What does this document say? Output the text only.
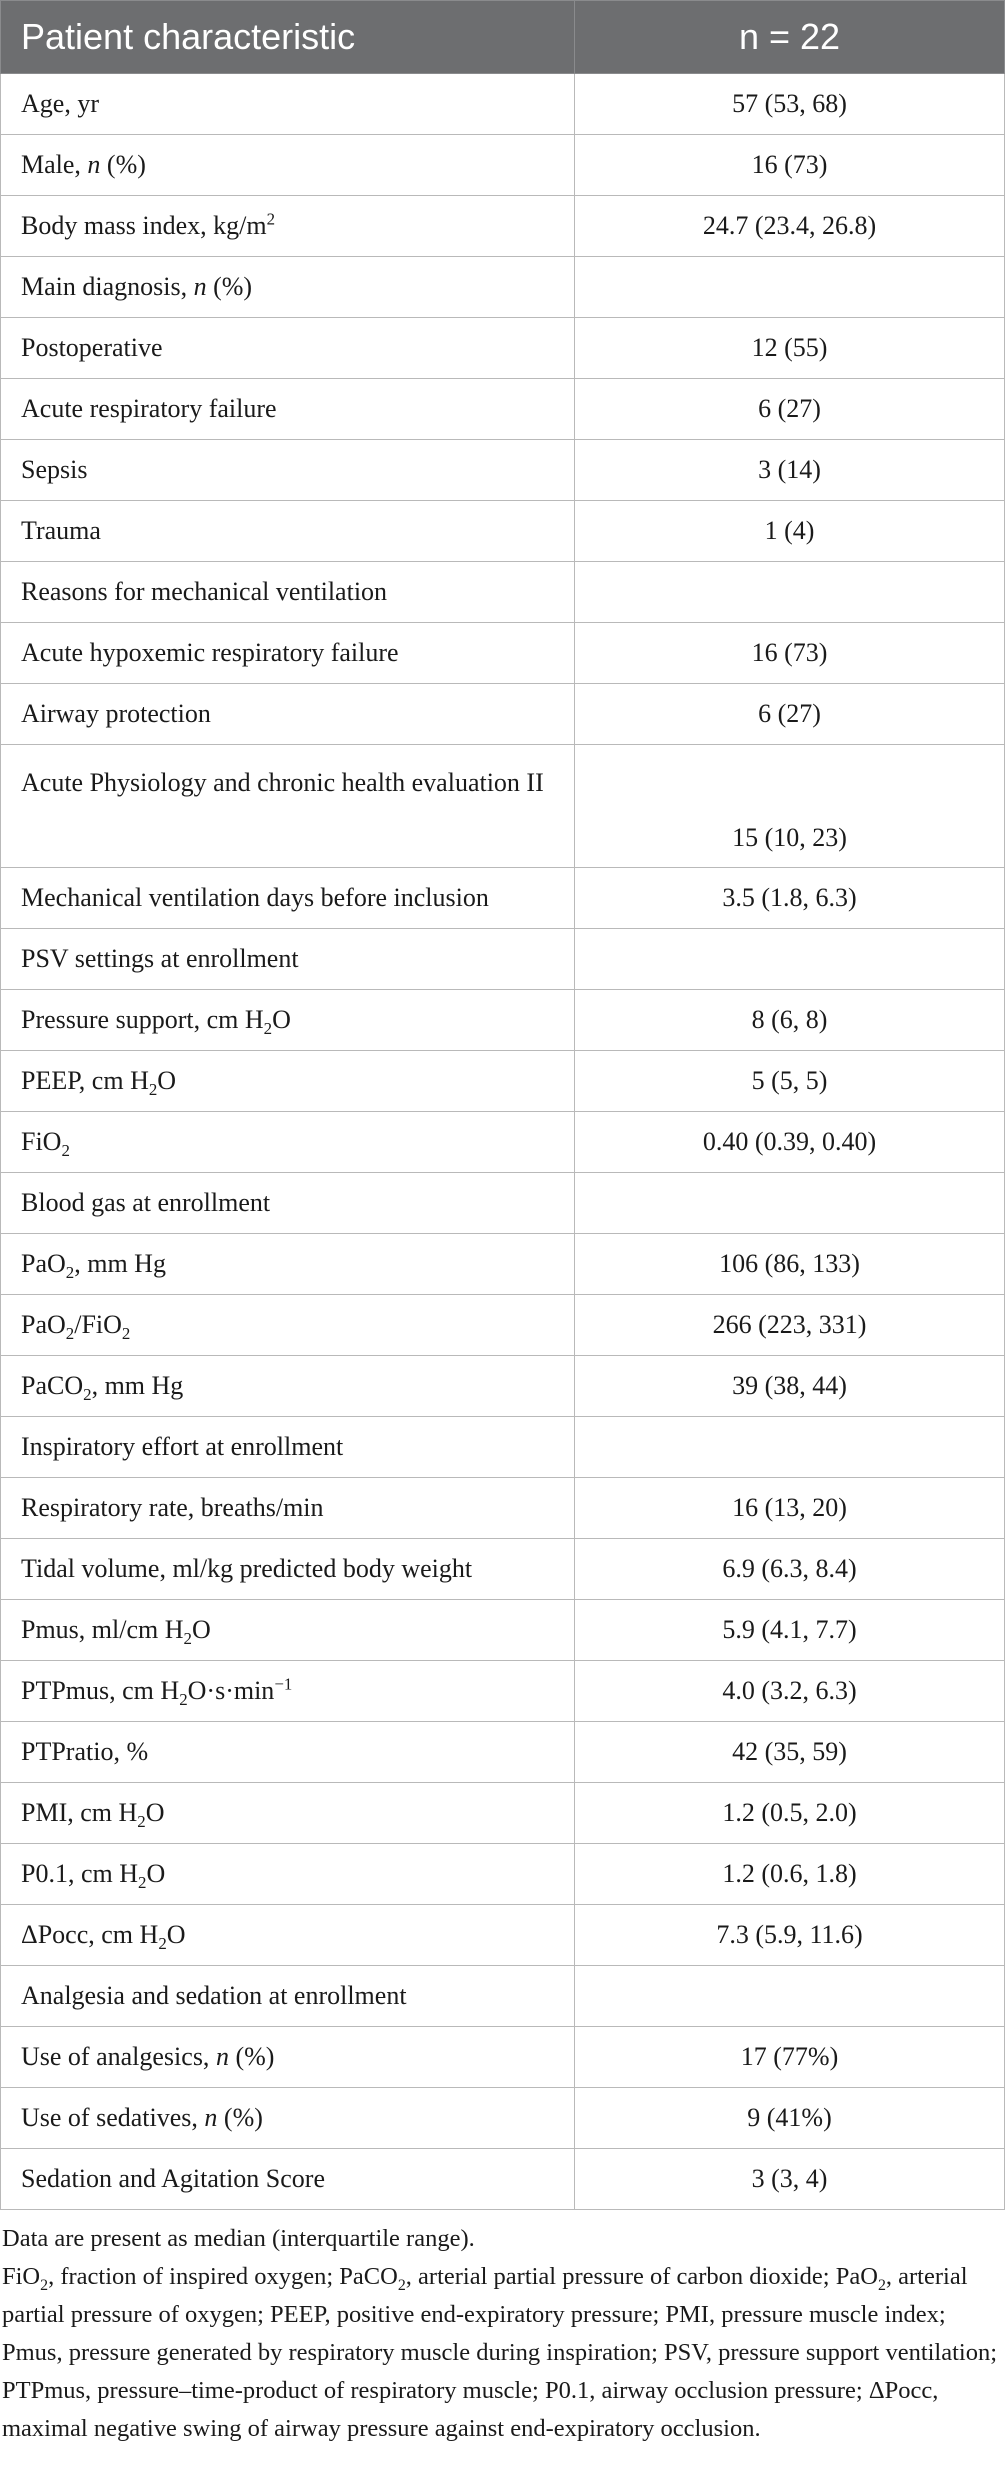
Patient characteristic	n = 22
Age, yr	57 (53, 68)
Male, n (%)	16 (73)
Body mass index, $kg/m^2$	24.7 (23.4, 26.8)
Main diagnosis, n (%)	
Postoperative	12 (55)
Acute respiratory failure	6 (27)
Sepsis	3 (14)
Trauma	1 (4)
Reasons for mechanical ventilation	
Acute hypoxemic respiratory failure	16 (73)
Airway protection	6 (27)
Acute Physiology and chronic health evaluation II	15 (10, 23)
Mechanical ventilation days before inclusion	3.5 (1.8, 6.3)
PSV settings at enrollment	
Pressure support, cm $H_2O$	8 (6, 8)
PEEP, cm $H_2O$	5 (5, 5)
FiO$_2$	0.40 (0.39, 0.40)
Blood gas at enrollment	
PaO$_2$, mm Hg	106 (86, 133)
PaO$_2$/FiO$_2$	266 (223, 331)
PaCO$_2$, mm Hg	39 (38, 44)
Inspiratory effort at enrollment	
Respiratory rate, breaths/min	16 (13, 20)
Tidal volume, ml/kg predicted body weight	6.9 (6.3, 8.4)
Pmus, ml/cm $H_2O$	5.9 (4.1, 7.7)
PTPmus, cm $H_2O\cdot s\cdot\min^{-1}$	4.0 (3.2, 6.3)
PTPratio, %	42 (35, 59)
PMI, cm $H_2O$	1.2 (0.5, 2.0)
P0.1, cm $H_2O$	1.2 (0.6, 1.8)
ΔPocc, cm $H_2O$	7.3 (5.9, 11.6)
Analgesia and sedation at enrollment	
Use of analgesics, n (%)	17 (77%)
Use of sedatives, n (%)	9 (41%)
Sedation and Agitation Score	3 (3, 4)

Data are present as median (interquartile range).

FiO$_2$, fraction of inspired oxygen; PaCO$_2$, arterial partial pressure of carbon dioxide; PaO$_2$, arterial partial pressure of oxygen; PEEP, positive end-expiratory pressure; PMI, pressure muscle index; Pmus, pressure generated by respiratory muscle during inspiration; PSV, pressure support ventilation; PTPmus, pressure–time-product of respiratory muscle; P0.1, airway occlusion pressure; ΔPocc, maximal negative swing of airway pressure against end-expiratory occlusion.
